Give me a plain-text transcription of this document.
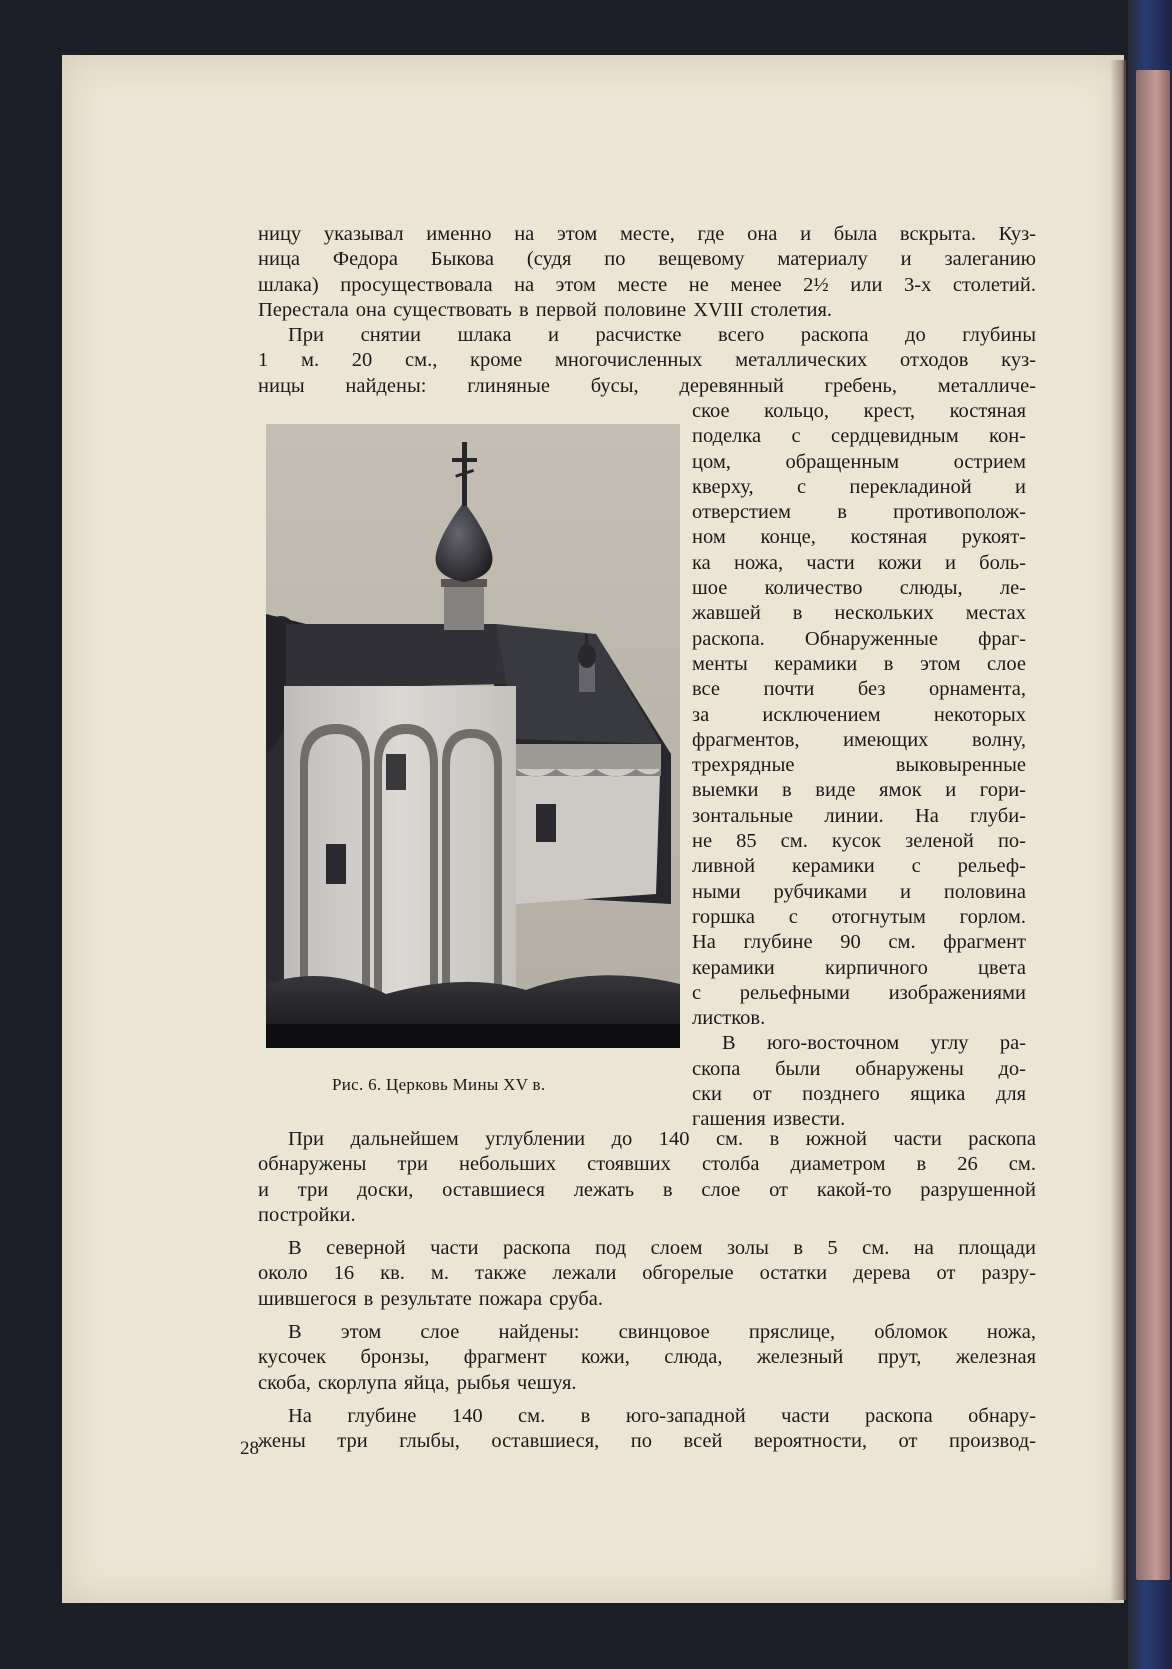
ницу указывал именно на этом месте, где она и была вскрыта. Куз-
ница Федора Быкова (судя по вещевому материалу и залеганию
шлака) просуществовала на этом месте не менее 2½ или 3-х столетий.
Перестала она существовать в первой половине XVIII столетия.
При снятии шлака и расчистке всего раскопа до глубины
1 м. 20 см., кроме многочисленных металлических отходов куз-
ницы найдены: глиняные бусы, деревянный гребень, металличе-
Рис. 6. Церковь Мины XV в.
ское кольцо, крест, костяная
поделка с сердцевидным кон-
цом, обращенным острием
кверху, с перекладиной и
отверстием в противополож-
ном конце, костяная рукоят-
ка ножа, части кожи и боль-
шое количество слюды, ле-
жавшей в нескольких местах
раскопа. Обнаруженные фраг-
менты керамики в этом слое
все почти без орнамента,
за исключением некоторых
фрагментов, имеющих волну,
трехрядные выковыренные
выемки в виде ямок и гори-
зонтальные линии. На глуби-
не 85 см. кусок зеленой по-
ливной керамики с рельеф-
ными рубчиками и половина
горшка с отогнутым горлом.
На глубине 90 см. фрагмент
керамики кирпичного цвета
с рельефными изображениями
листков.
В юго-восточном углу ра-
скопа были обнаружены до-
ски от позднего ящика для
гашения извести.
При дальнейшем углублении до 140 см. в южной части раскопа
обнаружены три небольших стоявших столба диаметром в 26 см.
и три доски, оставшиеся лежать в слое от какой-то разрушенной
постройки.
В северной части раскопа под слоем золы в 5 см. на площади
около 16 кв. м. также лежали обгорелые остатки дерева от разру-
шившегося в результате пожара сруба.
В этом слое найдены: свинцовое пряслице, обломок ножа,
кусочек бронзы, фрагмент кожи, слюда, железный прут, железная
скоба, скорлупа яйца, рыбья чешуя.
На глубине 140 см. в юго-западной части раскопа обнару-
жены три глыбы, оставшиеся, по всей вероятности, от производ-
28
